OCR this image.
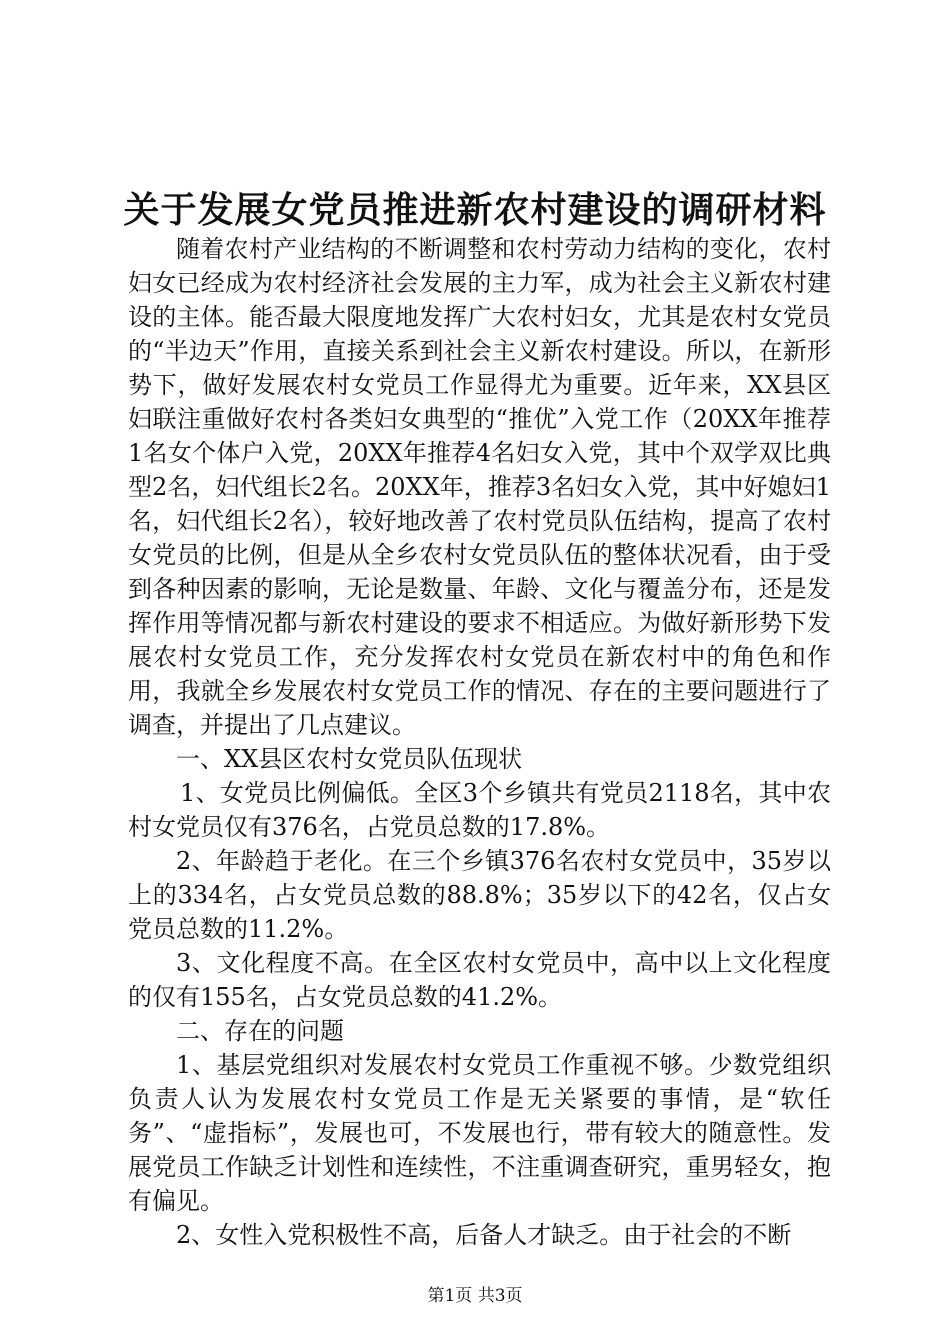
关于发展女党员推进新农村建设的调研材料

随着农村产业结构的不断调整和农村劳动力结构的变化，农村妇女已经成为农村经济社会发展的主力军，成为社会主义新农村建设的主体。能否最大限度地发挥广大农村妇女，尤其是农村女党员的“半边天”作用，直接关系到社会主义新农村建设。所以，在新形势下，做好发展农村女党员工作显得尤为重要。近年来，XX县区妇联注重做好农村各类妇女典型的“推优”入党工作（20XX年推荐1名女个体户入党，20XX年推荐4名妇女入党，其中个双学双比典型2名，妇代组长2名。20XX年，推荐3名妇女入党，其中好媳妇1名，妇代组长2名），较好地改善了农村党员队伍结构，提高了农村女党员的比例，但是从全乡农村女党员队伍的整体状况看，由于受到各种因素的影响，无论是数量、年龄、文化与覆盖分布，还是发挥作用等情况都与新农村建设的要求不相适应。为做好新形势下发展农村女党员工作，充分发挥农村女党员在新农村中的角色和作用，我就全乡发展农村女党员工作的情况、存在的主要问题进行了调查，并提出了几点建议。

一、XX县区农村女党员队伍现状

1、女党员比例偏低。全区3个乡镇共有党员2118名，其中农村女党员仅有376名，占党员总数的17.8%。

2、年龄趋于老化。在三个乡镇376名农村女党员中，35岁以上的334名，占女党员总数的88.8%；35岁以下的42名，仅占女党员总数的11.2%。

3、文化程度不高。在全区农村女党员中，高中以上文化程度的仅有155名，占女党员总数的41.2%。

二、存在的问题

1、基层党组织对发展农村女党员工作重视不够。少数党组织负责人认为发展农村女党员工作是无关紧要的事情，是“软任务”、“虚指标”，发展也可，不发展也行，带有较大的随意性。发展党员工作缺乏计划性和连续性，不注重调查研究，重男轻女，抱有偏见。

2、女性入党积极性不高，后备人才缺乏。由于社会的不断

第1页 共3页
